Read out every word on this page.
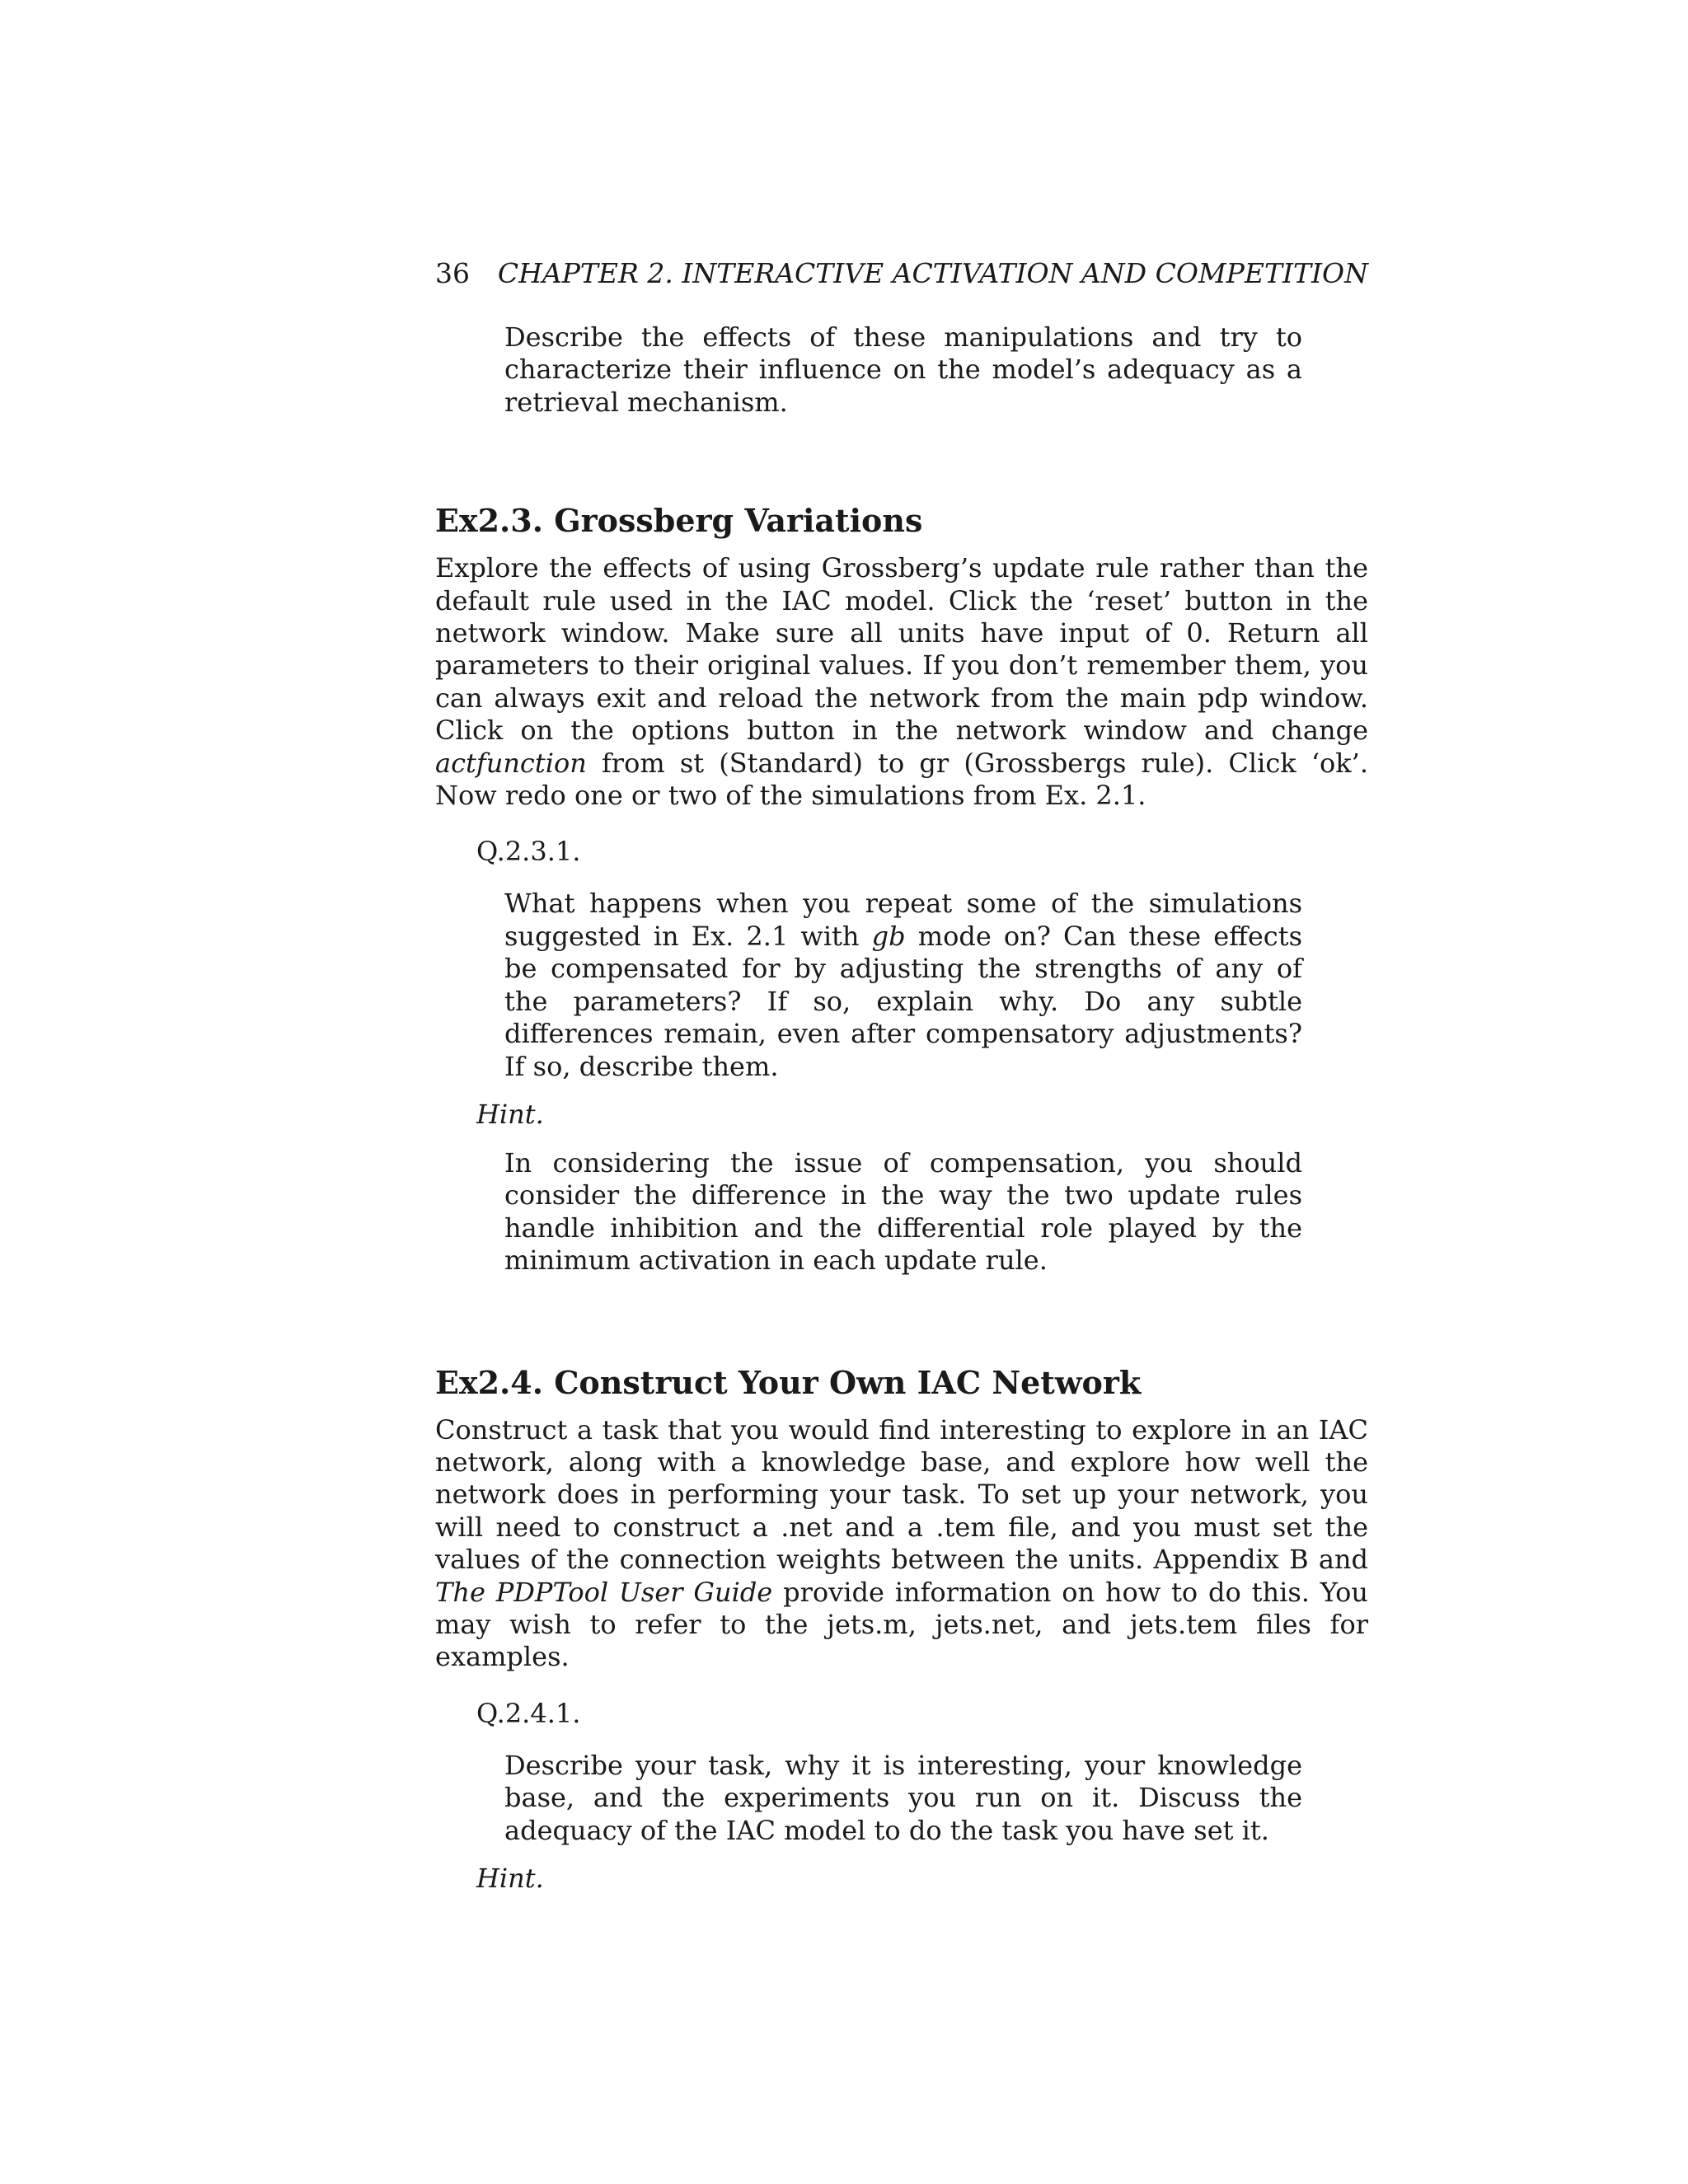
36	CHAPTER 2. INTERACTIVE ACTIVATION AND COMPETITION

Describe the effects of these manipulations and try to characterize their influence on the model’s adequacy as a retrieval mechanism.

Ex2.3. Grossberg Variations

Explore the effects of using Grossberg’s update rule rather than the default rule used in the IAC model. Click the ‘reset’ button in the network window. Make sure all units have input of 0. Return all parameters to their original values. If you don’t remember them, you can always exit and reload the network from the main pdp window. Click on the options button in the network window and change actfunction from st (Standard) to gr (Grossbergs rule). Click ‘ok’. Now redo one or two of the simulations from Ex. 2.1.

Q.2.3.1.

What happens when you repeat some of the simulations suggested in Ex. 2.1 with gb mode on? Can these effects be compensated for by adjusting the strengths of any of the parameters? If so, explain why. Do any subtle differences remain, even after compensatory adjustments? If so, describe them.

Hint.

In considering the issue of compensation, you should consider the difference in the way the two update rules handle inhibition and the differential role played by the minimum activation in each update rule.

Ex2.4. Construct Your Own IAC Network

Construct a task that you would find interesting to explore in an IAC network, along with a knowledge base, and explore how well the network does in performing your task. To set up your network, you will need to construct a .net and a .tem file, and you must set the values of the connection weights between the units. Appendix B and The PDPTool User Guide provide information on how to do this. You may wish to refer to the jets.m, jets.net, and jets.tem files for examples.

Q.2.4.1.

Describe your task, why it is interesting, your knowledge base, and the experiments you run on it. Discuss the adequacy of the IAC model to do the task you have set it.

Hint.
